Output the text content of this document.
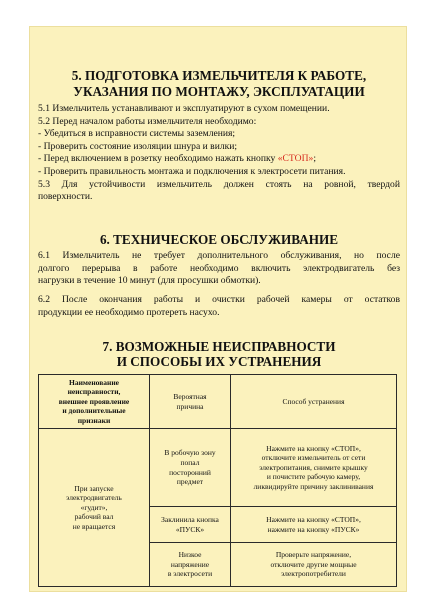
5. ПОДГОТОВКА ИЗМЕЛЬЧИТЕЛЯ К РАБОТЕ,
УКАЗАНИЯ ПО МОНТАЖУ, ЭКСПЛУАТАЦИИ
5.1 Измельчитель устанавливают и эксплуатируют в сухом помещении.
5.2 Перед началом работы измельчителя необходимо:
- Убедиться в исправности системы заземления;
- Проверить состояние изоляции шнура и вилки;
- Перед включением в розетку необходимо нажать кнопку «СТОП»;
- Проверить правильность монтажа и подключения к электросети питания.
5.3 Для устойчивости измельчитель должен стоять на ровной, твердой
поверхности.
6. ТЕХНИЧЕСКОЕ ОБСЛУЖИВАНИЕ
6.1 Измельчитель не требует дополнительного обслуживания, но после
долгого перерыва в работе необходимо включить электродвигатель без
нагрузки в течение 10 минут (для просушки обмотки).
6.2 После окончания работы и очистки рабочей камеры от остатков
продукции ее необходимо протереть насухо.
7. ВОЗМОЖНЫЕ НЕИСПРАВНОСТИ
И СПОСОБЫ ИХ УСТРАНЕНИЯ
Наименование
неисправности,
внешнее проявление
и дополнительные
признаки	Вероятная
причина	Способ устранения

При запуске
электродвигатель
«гудит»,
рабочий вал
не вращается	В робочую зону
попал
посторонний
предмет	Нажмите на кнопку «СТОП»,
отключите измельчитель от сети
электропитания, снимите крышку
и почистите рабочую камеру,
ликвидируйте причину заклинивания

	Заклинила кнопка
«ПУСК»	Нажмите на кнопку «СТОП»,
нажмите на кнопку «ПУСК»

	Низкое
напряжение
в электросети	Проверьте напряжение,
отключите другие мощные
электропотребители
